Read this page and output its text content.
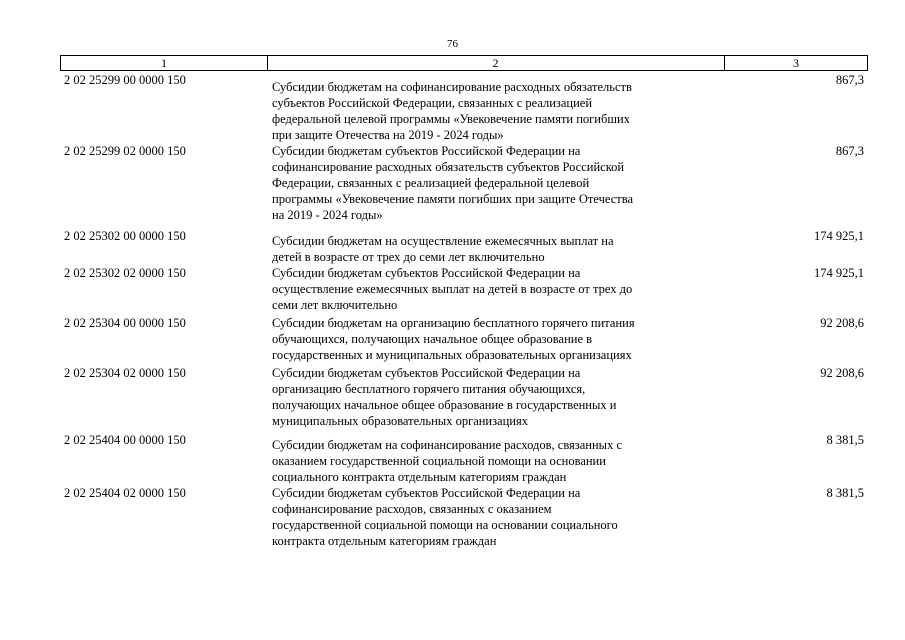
76
1	2	3
2 02 25299 00 0000 150	Субсидии бюджетам на софинансирование расходных обязательств
субъектов Российской Федерации, связанных с реализацией
федеральной целевой программы «Увековечение памяти погибших
при защите Отечества на 2019 - 2024 годы»
867,3
2 02 25299 02 0000 150	Субсидии бюджетам субъектов Российской Федерации на
софинансирование расходных обязательств субъектов Российской
Федерации, связанных с реализацией федеральной целевой
программы «Увековечение памяти погибших при защите Отечества
на 2019 - 2024 годы»
867,3
2 02 25302 00 0000 150	Субсидии бюджетам на осуществление ежемесячных выплат на
детей в возрасте от трех до семи лет включительно
174 925,1
2 02 25302 02 0000 150	Субсидии бюджетам субъектов Российской Федерации на
осуществление ежемесячных выплат на детей в возрасте от трех до
семи лет включительно
174 925,1
2 02 25304 00 0000 150	Субсидии бюджетам на организацию бесплатного горячего питания
обучающихся, получающих начальное общее образование в
государственных и муниципальных образовательных организациях
92 208,6
2 02 25304 02 0000 150	Субсидии бюджетам субъектов Российской Федерации на
организацию бесплатного горячего питания обучающихся,
получающих начальное общее образование в государственных и
муниципальных образовательных организациях
92 208,6
2 02 25404 00 0000 150	Субсидии бюджетам на софинансирование расходов, связанных с
оказанием государственной социальной помощи на основании
социального контракта отдельным категориям граждан
8 381,5
2 02 25404 02 0000 150	Субсидии бюджетам субъектов Российской Федерации на
софинансирование расходов, связанных с оказанием
государственной социальной помощи на основании социального
контракта отдельным категориям граждан
8 381,5
